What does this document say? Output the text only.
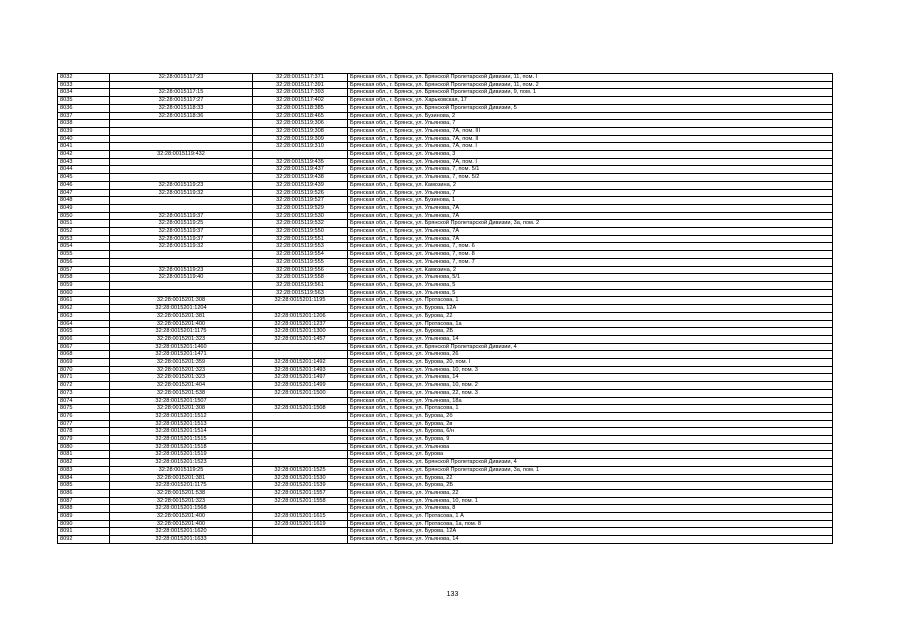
8032	32:28:0015117:23	32:28:0015117:371	Брянская обл., г. Брянск, ул. Брянской Пролетарской Дивизии, 11, пом. I
8033		32:28:0015117:391	Брянская обл., г. Брянск, ул. Брянской Пролетарской Дивизии, 11, пом. 2
8034	32:28:0015117:15	32:28:0015117:393	Брянская обл., г. Брянск, ул. Брянской Пролетарской Дивизии, 9, пом. 1
8035	32:28:0015117:27	32:28:0015117:402	Брянская обл., г. Брянск, ул. Харьковская, 17
8036	32:28:0015118:33	32:28:0015118:385	Брянская обл., г. Брянск, ул. Брянской Пролетарской Дивизии, 5
8037	32:28:0015118:36	32:28:0015118:465	Брянская обл., г. Брянск, ул. Бузинова, 2
8038		32:28:0015119:306	Брянская обл., г. Брянск, ул. Ульянова, 7
8039		32:28:0015119:308	Брянская обл., г. Брянск, ул. Ульянова, 7А, пом. III
8040		32:28:0015119:309	Брянская обл., г. Брянск, ул. Ульянова, 7А, пом. II
8041		32:28:0015119:310	Брянская обл., г. Брянск, ул. Ульянова, 7А, пом. I
8042	32:28:0015119:432		Брянская обл., г. Брянск, ул. Ульянова, 3
8043		32:28:0015119:435	Брянская обл., г. Брянск, ул. Ульянова, 7А, пом. I
8044		32:28:0015119:437	Брянская обл., г. Брянск, ул. Ульянова, 7, пом. 5/1
8045		32:28:0015119:438	Брянская обл., г. Брянск, ул. Ульянова, 7, пом. 5/2
8046	32:28:0015119:23	32:28:0015119:439	Брянская обл., г. Брянск, ул. Камозина, 2
8047	32:28:0015119:32	32:28:0015119:526	Брянская обл., г. Брянск, ул. Ульянова, 7
8048		32:28:0015119:527	Брянская обл., г. Брянск, ул. Бузинова, 1
8049		32:28:0015119:529	Брянская обл., г. Брянск, ул. Ульянова, 7А
8050	32:28:0015119:37	32:28:0015119:530	Брянская обл., г. Брянск, ул. Ульянова, 7А
8051	32:28:0015119:25	32:28:0015119:532	Брянская обл., г. Брянск, ул. Брянской Пролетарской Дивизии, 3а, пом. 2
8052	32:28:0015119:37	32:28:0015119:550	Брянская обл., г. Брянск, ул. Ульянова, 7А
8053	32:28:0015119:37	32:28:0015119:551	Брянская обл., г. Брянск, ул. Ульянова, 7А
8054	32:28:0015119:32	32:28:0015119:553	Брянская обл., г. Брянск, ул. Ульянова, 7, пом. 6
8055		32:28:0015119:554	Брянская обл., г. Брянск, ул. Ульянова, 7, пом. 8
8056		32:28:0015119:555	Брянская обл., г. Брянск, ул. Ульянова, 7, пом. 7
8057	32:28:0015119:23	32:28:0015119:556	Брянская обл., г. Брянск, ул. Камозина, 2
8058	32:28:0015119:40	32:28:0015119:558	Брянская обл., г. Брянск, ул. Ульянова, 5/1
8059		32:28:0015119:561	Брянская обл., г. Брянск, ул. Ульянова, 5
8060		32:28:0015119:563	Брянская обл., г. Брянск, ул. Ульянова, 5
8061	32:28:0015201:308	32:28:0015201:1195	Брянская обл., г. Брянск, ул. Протасова, 1
8062	32:28:0015201:1204		Брянская обл., г. Брянск, ул. Бурова, 12А
8063	32:28:0015201:381	32:28:0015201:1206	Брянская обл., г. Брянск, ул. Бурова, 22
8064	32:28:0015201:400	32:28:0015201:1237	Брянская обл., г. Брянск, ул. Протасова, 1а
8065	32:28:0015201:1175	32:28:0015201:1300	Брянская обл., г. Брянск, ул. Бурова, 2Б
8066	32:28:0015201:323	32:28:0015201:1457	Брянская обл., г. Брянск, ул. Ульянова, 14
8067	32:28:0015201:1460		Брянская обл., г. Брянск, ул. Брянской Пролетарской Дивизии, 4
8068	32:28:0015201:1471		Брянская обл., г. Брянск, ул. Ульянова, 26
8069	32:28:0015201:359	32:28:0015201:1492	Брянская обл., г. Брянск, ул. Бурова, 20, пом. I
8070	32:28:0015201:323	32:28:0015201:1493	Брянская обл., г. Брянск, ул. Ульянова, 10, пом. 3
8071	32:28:0015201:323	32:28:0015201:1497	Брянская обл., г. Брянск, ул. Ульянова, 14
8072	32:28:0015201:404	32:28:0015201:1499	Брянская обл., г. Брянск, ул. Ульянова, 10, пом. 2
8073	32:28:0015201:538	32:28:0015201:1500	Брянская обл., г. Брянск, ул. Ульянова, 22, пом. 3
8074	32:28:0015201:1507		Брянская обл., г. Брянск, ул. Ульянова, 18а
8075	32:28:0015201:308	32:28:0015201:1508	Брянская обл., г. Брянск, ул. Протасова, 1
8076	32:28:0015201:1512		Брянская обл., г. Брянск, ул. Бурова, 2б
8077	32:28:0015201:1513		Брянская обл., г. Брянск, ул. Бурова, 2в
8078	32:28:0015201:1514		Брянская обл., г. Брянск, ул. Бурова, 6/н
8079	32:28:0015201:1515		Брянская обл., г. Брянск, ул. Бурова, 9
8080	32:28:0015201:1518		Брянская обл., г. Брянск, ул. Ульянова
8081	32:28:0015201:1519		Брянская обл., г. Брянск, ул. Бурова
8082	32:28:0015201:1523		Брянская обл., г. Брянск, ул. Брянской Пролетарской Дивизии, 4
8083	32:28:0015119:25	32:28:0015201:1525	Брянская обл., г. Брянск, ул. Брянской Пролетарской Дивизии, 3а, пом. 1
8084	32:28:0015201:381	32:28:0015201:1530	Брянская обл., г. Брянск, ул. Бурова, 22
8085	32:28:0015201:1175	32:28:0015201:1539	Брянская обл., г. Брянск, ул. Бурова, 2Б
8086	32:28:0015201:538	32:28:0015201:1557	Брянская обл., г. Брянск, ул. Ульянова, 22
8087	32:28:0015201:323	32:28:0015201:1558	Брянская обл., г. Брянск, ул. Ульянова, 10, пом. 1
8088	32:28:0015201:1568		Брянская обл., г. Брянск, ул. Ульянова, 8
8089	32:28:0015201:400	32:28:0015201:1615	Брянская обл., г. Брянск, ул. Протасова, 1 А
8090	32:28:0015201:400	32:28:0015201:1619	Брянская обл., г. Брянск, ул. Протасова, 1а, пом. 8
8091	32:28:0015201:1620		Брянская обл., г. Брянск, ул. Бурова, 12А
8092	32:28:0015201:1633		Брянская обл., г. Брянск, ул. Ульянова, 14
133
